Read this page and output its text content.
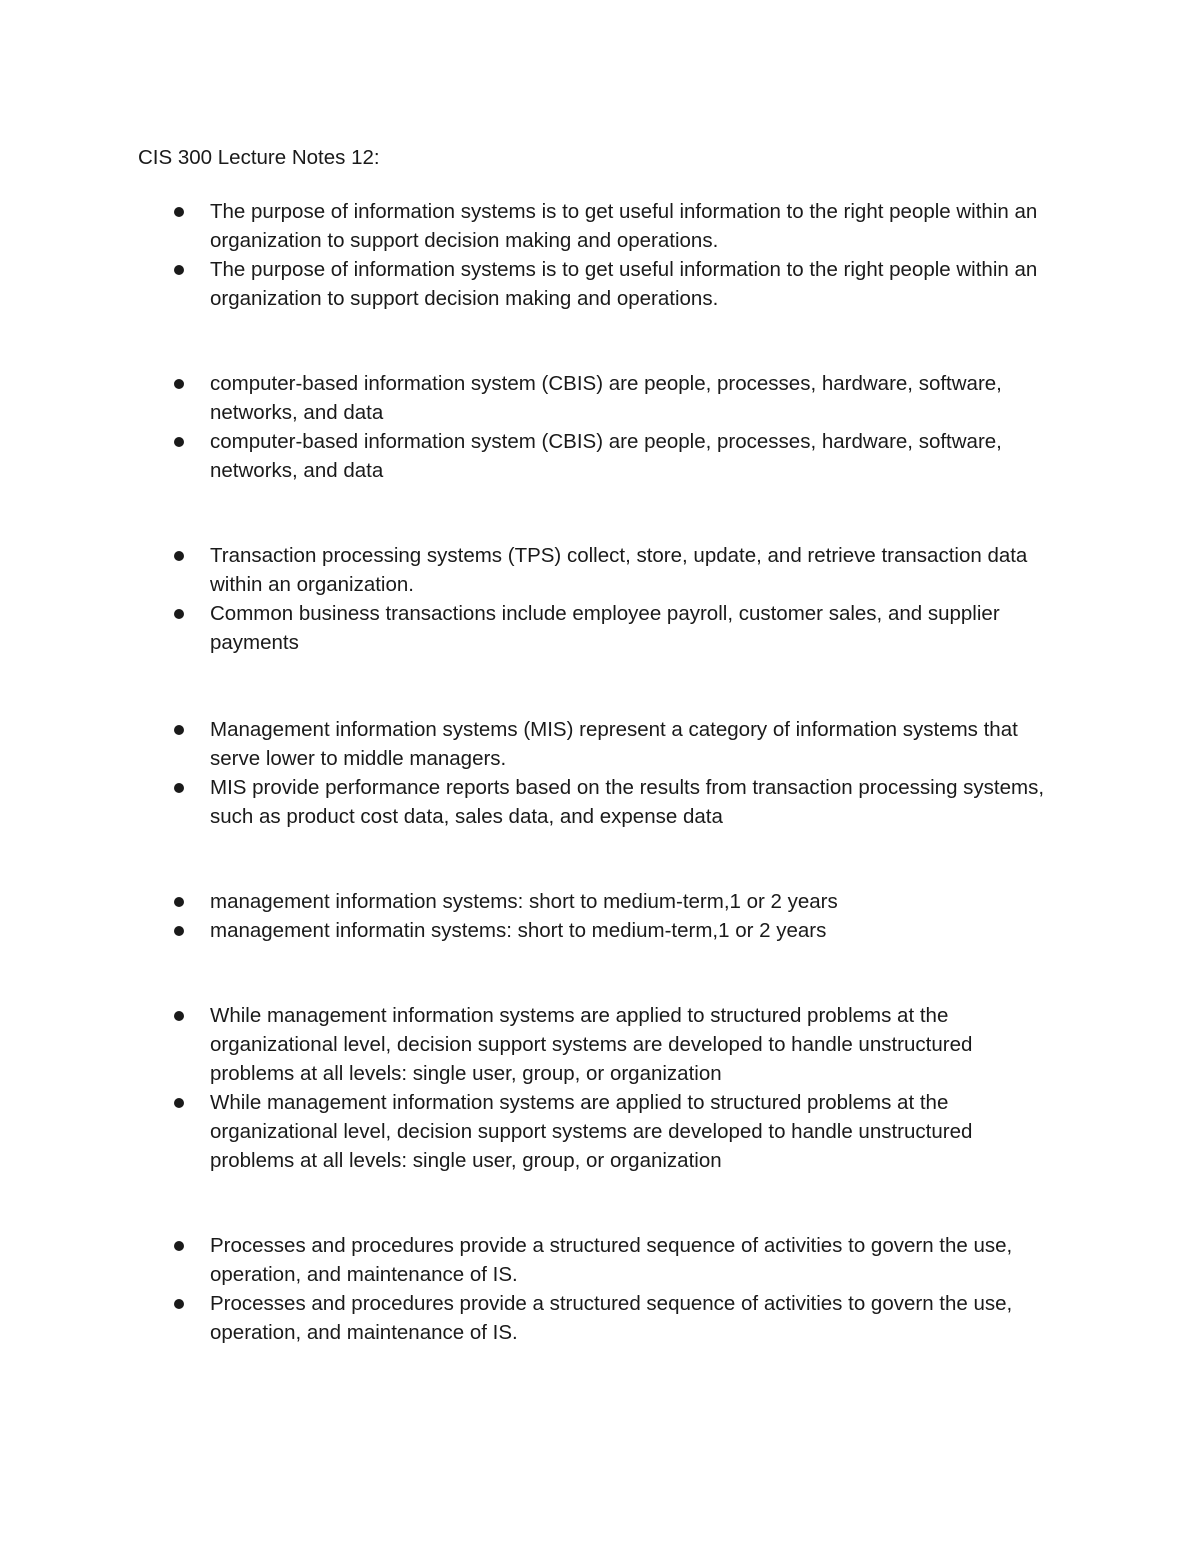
CIS 300 Lecture Notes 12:
The purpose of information systems is to get useful information to the right people within an organization to support decision making and operations.
The purpose of information systems is to get useful information to the right people within an organization to support decision making and operations.
computer-based information system (CBIS) are people, processes, hardware, software, networks, and data
computer-based information system (CBIS) are people, processes, hardware, software, networks, and data
Transaction processing systems (TPS) collect, store, update, and retrieve transaction data within an organization.
Common business transactions include employee payroll, customer sales, and supplier payments
Management information systems (MIS) represent a category of information systems that serve lower to middle managers.
MIS provide performance reports based on the results from transaction processing systems, such as product cost data, sales data, and expense data
management information systems: short to medium-term,1 or 2 years
management informatin systems: short to medium-term,1 or 2 years
While management information systems are applied to structured problems at the organizational level, decision support systems are developed to handle unstructured problems at all levels: single user, group, or organization
While management information systems are applied to structured problems at the organizational level, decision support systems are developed to handle unstructured problems at all levels: single user, group, or organization
Processes and procedures provide a structured sequence of activities to govern the use, operation, and maintenance of IS.
Processes and procedures provide a structured sequence of activities to govern the use, operation, and maintenance of IS.
